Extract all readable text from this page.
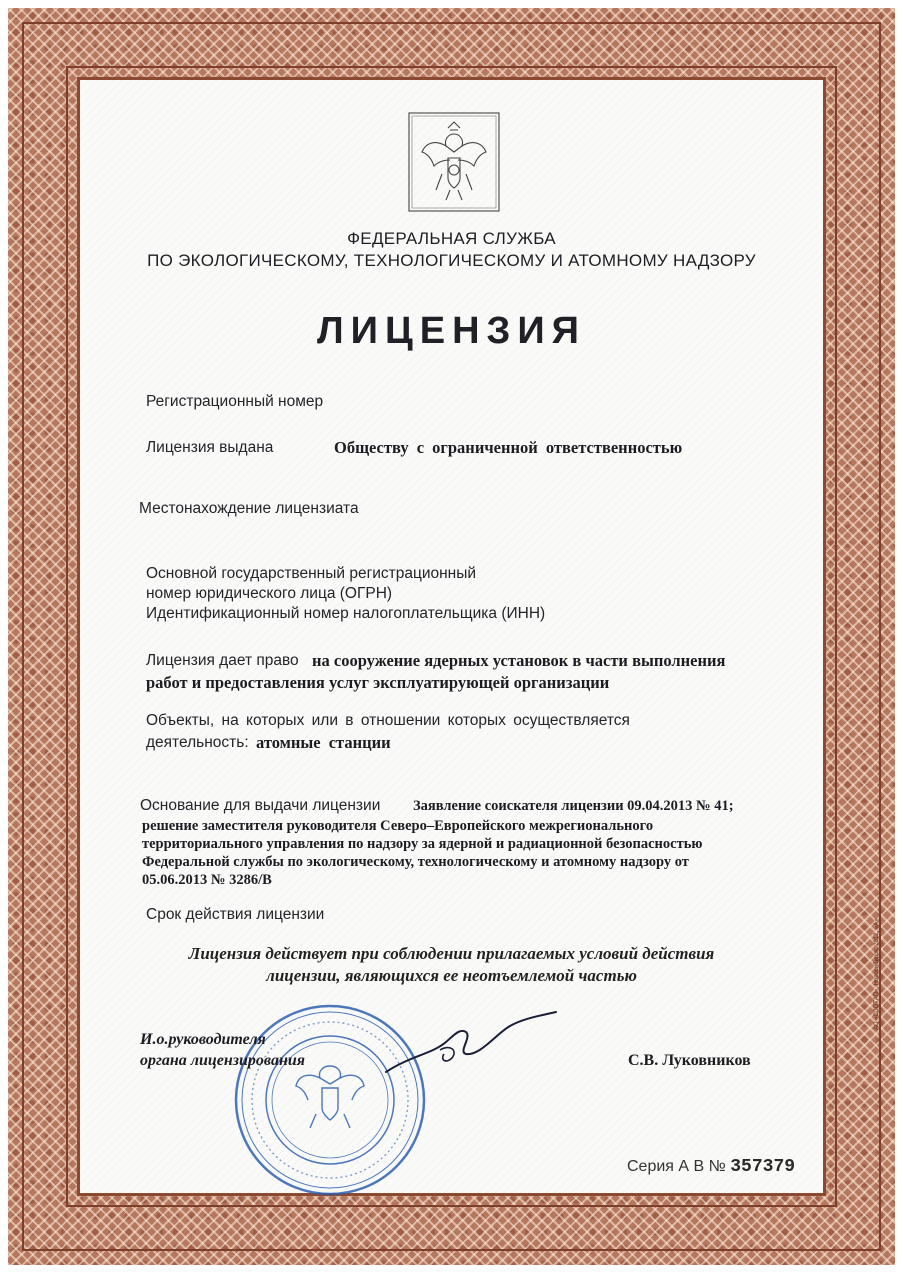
ФЕДЕРАЛЬНАЯ СЛУЖБА
ПО ЭКОЛОГИЧЕСКОМУ, ТЕХНОЛОГИЧЕСКОМУ И АТОМНОМУ НАДЗОРУ
ЛИЦЕНЗИЯ
Регистрационный номер
Лицензия выдана	Обществу с ограниченной ответственностью
Местонахождение лицензиата
Основной государственный регистрационный
номер юридического лица (ОГРН)
Идентификационный номер налогоплательщика (ИНН)
Лицензия дает право на сооружение ядерных установок в части выполнения
работ и предоставления услуг эксплуатирующей организации
Объекты, на которых или в отношении которых осуществляется
деятельность: атомные станции
Основание для выдачи лицензии Заявление соискателя лицензии 09.04.2013 № 41;
решение заместителя руководителя Северо–Европейского межрегионального
территориального управления по надзору за ядерной и радиационной безопасностью
Федеральной службы по экологическому, технологическому и атомному надзору от
05.06.2013 № 3286/В
Срок действия лицензии
Лицензия действует при соблюдении прилагаемых условий действия
лицензии, являющихся ее неотъемлемой частью
И.о.руководителя
органа лицензирования	С.В. Луковников
Серия А В № 357379
АО «СЛОТАП», Новосибирск, 2012, «А»
